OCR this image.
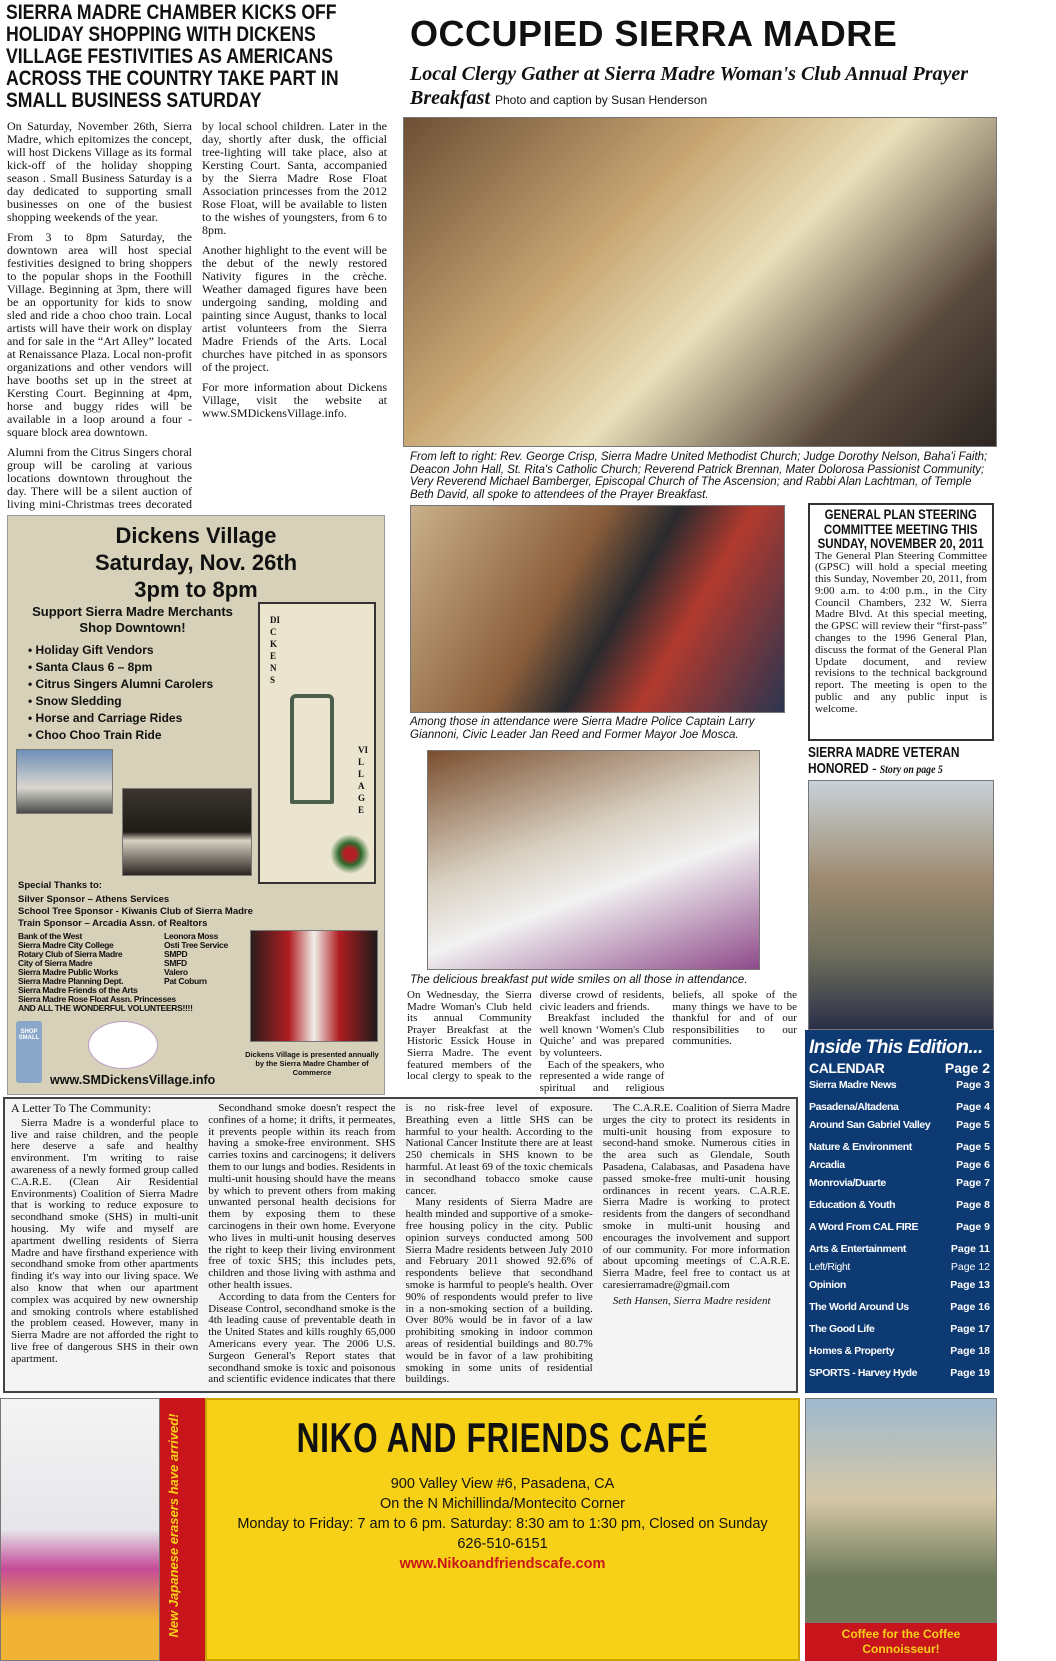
SIERRA MADRE CHAMBER KICKS OFF HOLIDAY SHOPPING WITH DICKENS VILLAGE FESTIVITIES AS AMERICANS ACROSS THE COUNTRY TAKE PART IN SMALL BUSINESS SATURDAY
OCCUPIED SIERRA MADRE
Local Clergy Gather at Sierra Madre Woman's Club Annual Prayer Breakfast Photo and caption by Susan Henderson

On Saturday, November 26th, Sierra Madre, which epitomizes the concept, will host Dickens Village as its formal kick-off of the holiday shopping season . Small Business Saturday is a day dedicated to supporting small businesses on one of the busiest shopping weekends of the year.

From 3 to 8pm Saturday, the downtown area will host special festivities designed to bring shoppers to the popular shops in the Foothill Village. Beginning at 3pm, there will be an opportunity for kids to snow sled and ride a choo choo train. Local artists will have their work on display and for sale in the “Art Alley” located at Renaissance Plaza. Local non-profit organizations and other vendors will have booths set up in the street at Kersting Court. Beginning at 4pm, horse and buggy rides will be available in a loop around a four -square block area downtown.

Alumni from the Citrus Singers choral group will be caroling at various locations downtown throughout the day. There will be a silent auction of living mini-Christmas trees decorated by local school children. Later in the day, shortly after dusk, the official tree-lighting will take place, also at Kersting Court. Santa, accompanied by the Sierra Madre Rose Float Association princesses from the 2012 Rose Float, will be available to listen to the wishes of youngsters, from 6 to 8pm.

Another highlight to the event will be the debut of the newly restored Nativity figures in the crèche. Weather damaged figures have been undergoing sanding, molding and painting since August, thanks to local artist volunteers from the Sierra Madre Friends of the Arts. Local churches have pitched in as sponsors of the project.

For more information about Dickens Village, visit the website at www.SMDickensVillage.info.

From left to right: Rev. George Crisp, Sierra Madre United Methodist Church; Judge Dorothy Nelson, Baha'i Faith; Deacon John Hall, St. Rita's Catholic Church; Reverend Patrick Brennan, Mater Dolorosa Passionist Community; Very Reverend Michael Bamberger, Episcopal Church of The Ascension; and Rabbi Alan Lachtman, of Temple Beth David, all spoke to attendees of the Prayer Breakfast.

Among those in attendance were Sierra Madre Police Captain Larry Giannoni, Civic Leader Jan Reed and Former Mayor Joe Mosca.

The delicious breakfast put wide smiles on all those in attendance.

On Wednesday, the Sierra Madre Woman's Club held its annual Community Prayer Breakfast at the Historic Essick House in Sierra Madre. The event featured members of the local clergy to speak to the diverse crowd of residents, civic leaders and friends.

Breakfast included the well known ‘Women's Club Quiche’ and was prepared by volunteers.

Each of the speakers, who represented a wide range of spiritual and religious beliefs, all spoke of the many things we have to be thankful for and of our responsibilities to our communities.

Dickens Village
Saturday, Nov. 26th
3pm to 8pm
Support Sierra Madre Merchants
Shop Downtown!
• Holiday Gift Vendors
• Santa Claus 6 – 8pm
• Citrus Singers Alumni Carolers
• Snow Sledding
• Horse and Carriage Rides
• Choo Choo Train Ride
DICKENS
VILLAGE
Special Thanks to:
Silver Sponsor – Athens Services
School Tree Sponsor - Kiwanis Club of Sierra Madre
Train Sponsor – Arcadia Assn. of Realtors
Bank of the West
Sierra Madre City College
Rotary Club of Sierra Madre
City of Sierra Madre
Sierra Madre Public Works
Sierra Madre Planning Dept.
Sierra Madre Friends of the Arts
Sierra Madre Rose Float Assn. Princesses
AND ALL THE WONDERFUL VOLUNTEERS!!!!
Leonora Moss
Osti Tree Service
SMPD
SMFD
Valero
Pat Coburn
SHOP SMALL
www.SMDickensVillage.info
Dickens Village is presented annually by the Sierra Madre Chamber of Commerce
GENERAL PLAN STEERING COMMITTEE MEETING THIS SUNDAY, NOVEMBER 20, 2011

The General Plan Steering Committee (GPSC) will hold a special meeting this Sunday, November 20, 2011, from 9:00 a.m. to 4:00 p.m., in the City Council Chambers, 232 W. Sierra Madre Blvd. At this special meeting, the GPSC will review their “first-pass” changes to the 1996 General Plan, discuss the format of the General Plan Update document, and review revisions to the technical background report. The meeting is open to the public and any public input is welcome.

SIERRA MADRE VETERAN HONORED - Story on page 5
Inside This Edition...
CALENDAR	Page 2
Sierra Madre News	Page 3
Pasadena/Altadena	Page 4
Around San Gabriel Valley Page 5
Nature & Environment	Page 5
Arcadia	Page 6
Monrovia/Duarte	Page 7
Education & Youth	Page 8
A Word From CAL FIRE	Page 9
Arts & Entertainment	Page 11
Left/Right	Page 12
Opinion	Page 13
The World Around Us	Page 16
The Good Life	Page 17
Homes & Property	Page 18
SPORTS - Harvey Hyde	Page 19
A Letter To The Community:

Sierra Madre is a wonderful place to live and raise children, and the people here deserve a safe and healthy environment. I'm writing to raise awareness of a newly formed group called C.A.R.E. (Clean Air Residential Environments) Coalition of Sierra Madre that is working to reduce exposure to secondhand smoke (SHS) in multi-unit housing. My wife and myself are apartment dwelling residents of Sierra Madre and have firsthand experience with secondhand smoke from other apartments finding it's way into our living space. We also know that when our apartment complex was acquired by new ownership and smoking controls where established the problem ceased. However, many in Sierra Madre are not afforded the right to live free of dangerous SHS in their own apartment.

Secondhand smoke doesn't respect the confines of a home; it drifts, it permeates, it prevents people within its reach from having a smoke-free environment. SHS carries toxins and carcinogens; it delivers them to our lungs and bodies. Residents in multi-unit housing should have the means by which to prevent others from making unwanted personal health decisions for them by exposing them to these carcinogens in their own home. Everyone who lives in multi-unit housing deserves the right to keep their living environment free of toxic SHS; this includes pets, children and those living with asthma and other health issues.

According to data from the Centers for Disease Control, secondhand smoke is the 4th leading cause of preventable death in the United States and kills roughly 65,000 Americans every year. The 2006 U.S. Surgeon General's Report states that secondhand smoke is toxic and poisonous and scientific evidence indicates that there is no risk-free level of exposure. Breathing even a little SHS can be harmful to your health. According to the National Cancer Institute there are at least 250 chemicals in SHS known to be harmful. At least 69 of the toxic chemicals in secondhand tobacco smoke cause cancer.

Many residents of Sierra Madre are health minded and supportive of a smoke-free housing policy in the city. Public opinion surveys conducted among 500 Sierra Madre residents between July 2010 and February 2011 showed 92.6% of respondents believe that secondhand smoke is harmful to people's health. Over 90% of respondents would prefer to live in a non-smoking section of a building. Over 80% would be in favor of a law prohibiting smoking in indoor common areas of residential buildings and 80.7% would be in favor of a law prohibiting smoking in some units of residential buildings.

The C.A.R.E. Coalition of Sierra Madre urges the city to protect its residents in multi-unit housing from exposure to second-hand smoke. Numerous cities in the area such as Glendale, South Pasadena, Calabasas, and Pasadena have passed smoke-free multi-unit housing ordinances in recent years. C.A.R.E. Sierra Madre is working to protect residents from the dangers of secondhand smoke in multi-unit housing and encourages the involvement and support of our community. For more information about upcoming meetings of C.A.R.E. Sierra Madre, feel free to contact us at caresierramadre@gmail.com

Seth Hansen, Sierra Madre resident

New Japanese erasers have arrived!	NIKO AND FRIENDS CAFÉ
900 Valley View #6, Pasadena, CA
On the N Michillinda/Montecito Corner
Monday to Friday: 7 am to 6 pm. Saturday: 8:30 am to 1:30 pm, Closed on Sunday
626-510-6151
www.Nikoandfriendscafe.com
Coffee for the Coffee Connoisseur!
